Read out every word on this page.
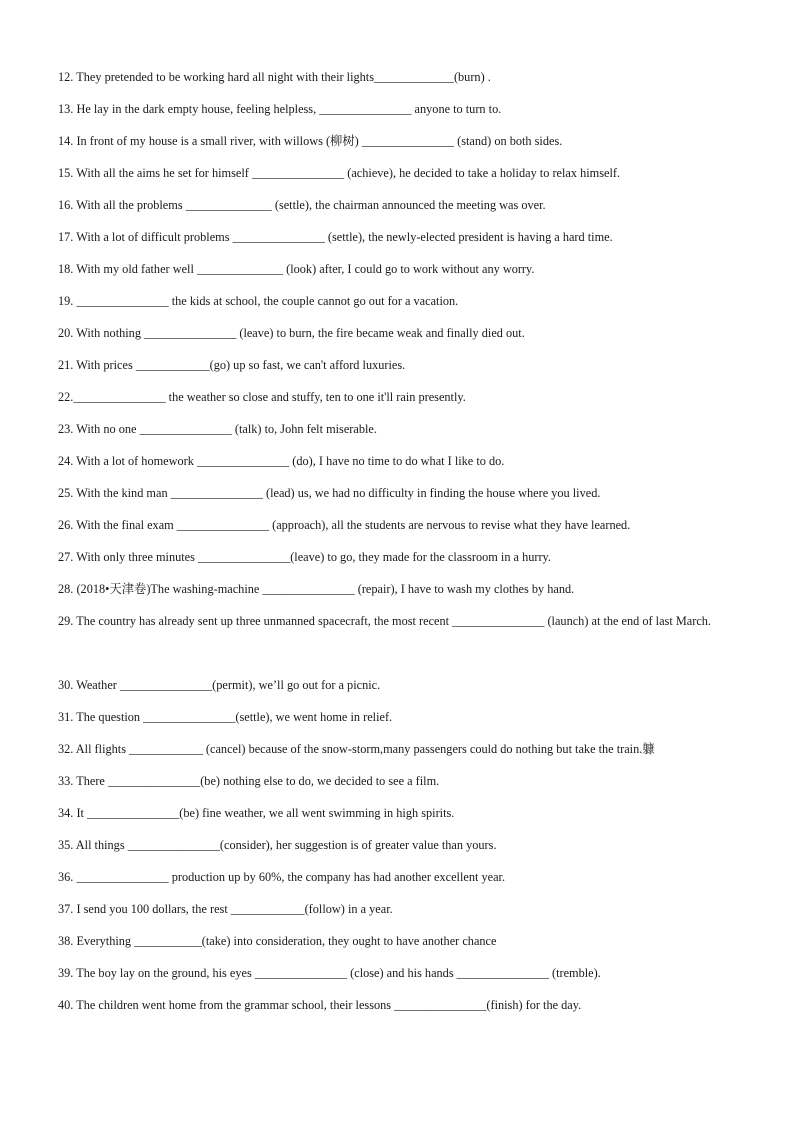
12. They pretended to be working hard all night with their lights_____________(burn) .
13. He lay in the dark empty house, feeling helpless, _______________ anyone to turn to.
14. In front of my house is a small river, with willows (柳树) _______________ (stand) on both sides.
15. With all the aims he set for himself _______________ (achieve), he decided to take a holiday to relax himself.
16. With all the problems ______________ (settle), the chairman announced the meeting was over.
17. With a lot of difficult problems _______________ (settle), the newly-elected president is having a hard time.
18. With my old father well ______________ (look) after, I could go to work without any worry.
19. _______________ the kids at school, the couple cannot go out for a vacation.
20. With nothing _______________ (leave) to burn, the fire became weak and finally died out.
21. With prices ____________(go) up so fast, we can't afford luxuries.
22._______________ the weather so close and stuffy, ten to one it'll rain presently.
23. With no one _______________ (talk) to, John felt miserable.
24. With a lot of homework _______________ (do), I have no time to do what I like to do.
25. With the kind man _______________ (lead) us, we had no difficulty in finding the house where you lived.
26. With the final exam _______________ (approach), all the students are nervous to revise what they have learned.
27. With only three minutes _______________(leave) to go, they made for the classroom in a hurry.
28. (2018•天津卷)The washing-machine _______________ (repair), I have to wash my clothes by hand.
29. The country has already sent up three unmanned spacecraft, the most recent _______________ (launch) at the end of last March.
30. Weather _______________(permit), we’ll go out for a picnic.
31. The question _______________(settle), we went home in relief.
32. All flights ____________ (cancel) because of the snow-storm,many passengers could do nothing but take the train.躿
33. There _______________(be) nothing else to do, we decided to see a film.
34. It _______________(be) fine weather, we all went swimming in high spirits.
35. All things _______________(consider), her suggestion is of greater value than yours.
36. _______________ production up by 60%, the company has had another excellent year.
37. I send you 100 dollars, the rest ____________(follow) in a year.
38. Everything ___________(take) into consideration, they ought to have another chance
39. The boy lay on the ground, his eyes _______________ (close) and his hands _______________ (tremble).
40. The children went home from the grammar school, their lessons _______________(finish) for the day.
